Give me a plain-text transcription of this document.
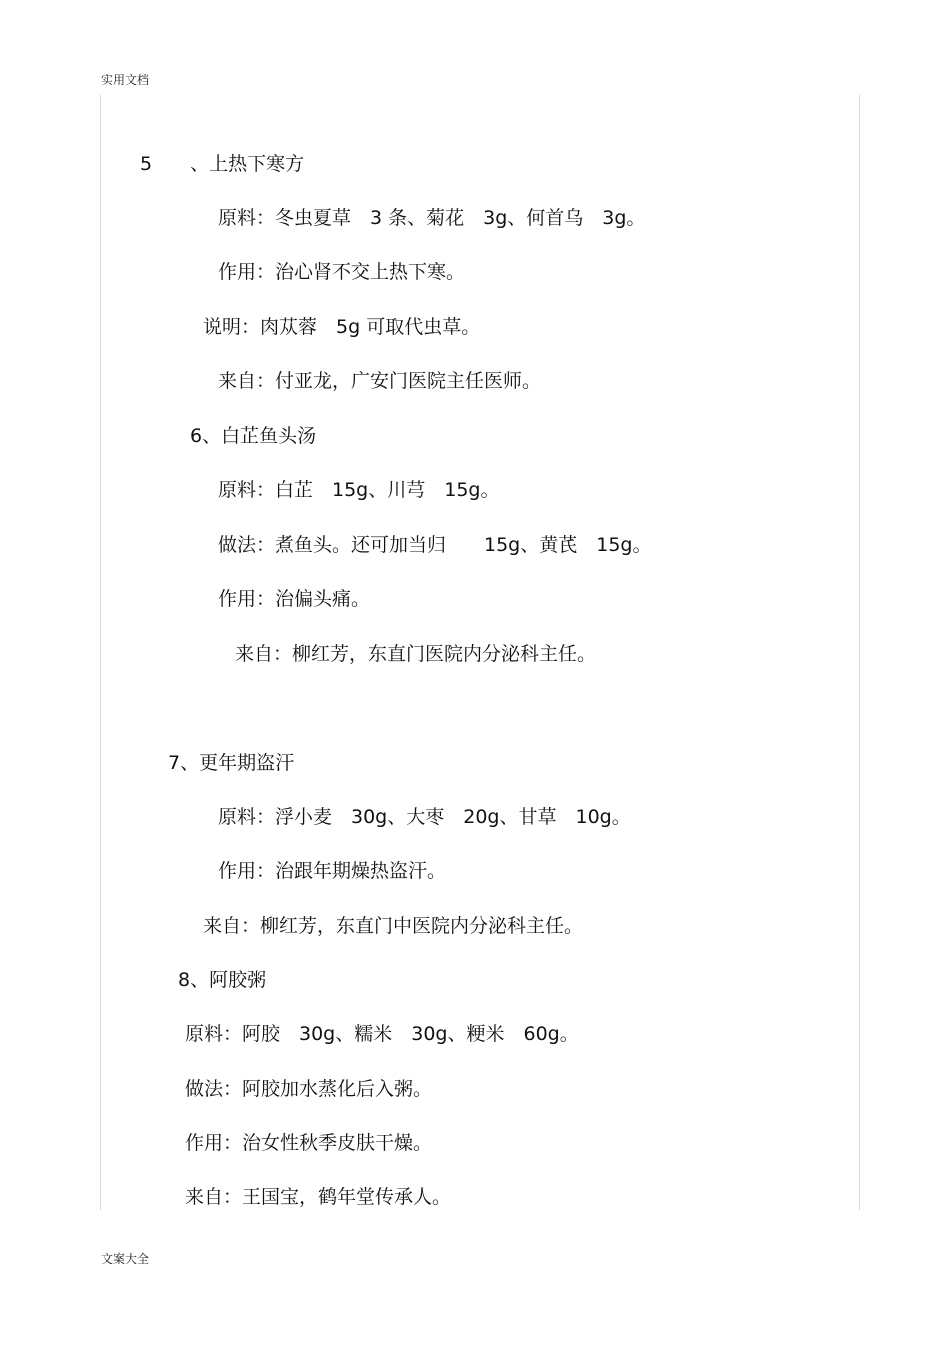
实用文档
5　　、上热下寒方
原料：冬虫夏草　3 条、菊花　3g、何首乌　3g。
作用：治心肾不交上热下寒。
说明：肉苁蓉　5g 可取代虫草。
来自：付亚龙，广安门医院主任医师。
6、白芷鱼头汤
原料：白芷　15g、川芎　15g。
做法：煮鱼头。还可加当归　　15g、黄芪　15g。
作用：治偏头痛。
来自：柳红芳，东直门医院内分泌科主任。
7、更年期盗汗
原料：浮小麦　30g、大枣　20g、甘草　10g。
作用：治跟年期燥热盗汗。
来自：柳红芳，东直门中医院内分泌科主任。
8、阿胶粥
原料：阿胶　30g、糯米　30g、粳米　60g。
做法：阿胶加水蒸化后入粥。
作用：治女性秋季皮肤干燥。
来自：王国宝，鹤年堂传承人。
文案大全
